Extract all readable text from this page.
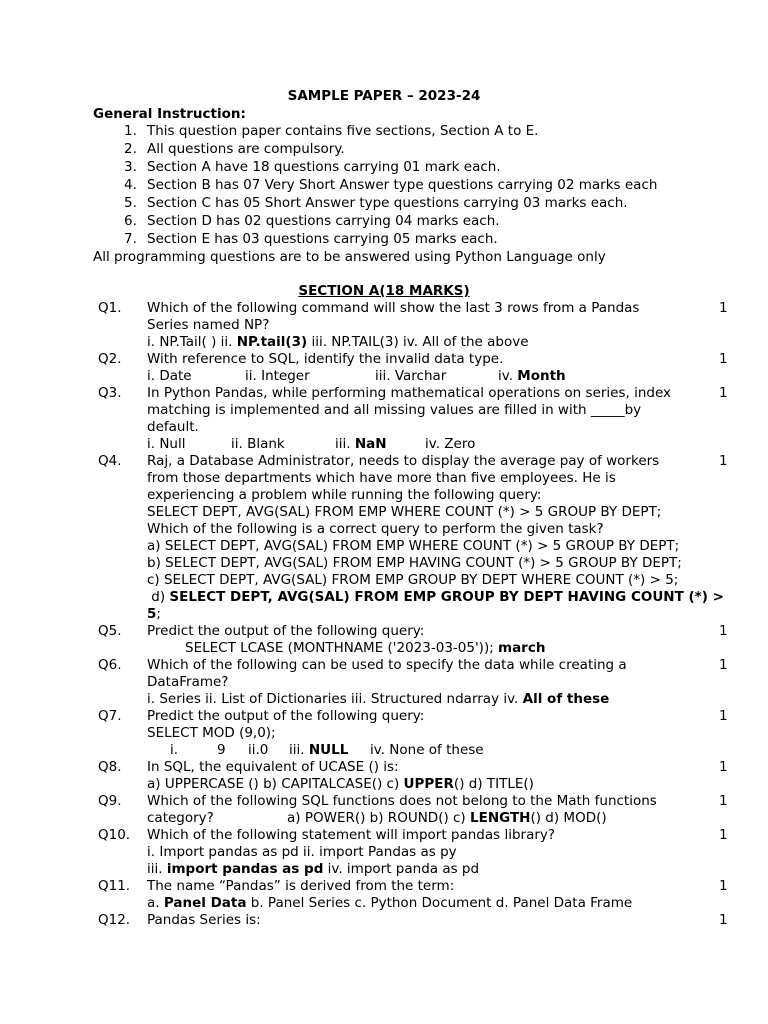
SAMPLE PAPER – 2023-24
General Instruction:
1. This question paper contains five sections, Section A to E.
2. All questions are compulsory.
3. Section A have 18 questions carrying 01 mark each.
4. Section B has 07 Very Short Answer type questions carrying 02 marks each
5. Section C has 05 Short Answer type questions carrying 03 marks each.
6. Section D has 02 questions carrying 04 marks each.
7. Section E has 03 questions carrying 05 marks each.
All programming questions are to be answered using Python Language only
SECTION A(18 MARKS)
Q1.	1
Which of the following command will show the last 3 rows from a Pandas
Series named NP?
i. NP.Tail( ) ii. NP.tail(3) iii. NP.TAIL(3) iv. All of the above
Q2.	1
With reference to SQL, identify the invalid data type.
i. Date	ii. Integer	iii. Varchar	iv. Month
Q3.	1
In Python Pandas, while performing mathematical operations on series, index
matching is implemented and all missing values are filled in with _____by
default.
i. Null	ii. Blank	iii. NaN	iv. Zero
Q4.	1
Raj, a Database Administrator, needs to display the average pay of workers
from those departments which have more than five employees. He is
experiencing a problem while running the following query:
SELECT DEPT, AVG(SAL) FROM EMP WHERE COUNT (*) > 5 GROUP BY DEPT;
Which of the following is a correct query to perform the given task?
a) SELECT DEPT, AVG(SAL) FROM EMP WHERE COUNT (*) > 5 GROUP BY DEPT;
b) SELECT DEPT, AVG(SAL) FROM EMP HAVING COUNT (*) > 5 GROUP BY DEPT;
c) SELECT DEPT, AVG(SAL) FROM EMP GROUP BY DEPT WHERE COUNT (*) > 5;
d) SELECT DEPT, AVG(SAL) FROM EMP GROUP BY DEPT HAVING COUNT (*) >
5;
Q5.	1
Predict the output of the following query:
SELECT LCASE (MONTHNAME ('2023-03-05')); march
Q6.	1
Which of the following can be used to specify the data while creating a
DataFrame?
i. Series ii. List of Dictionaries iii. Structured ndarray iv. All of these
Q7.	1
Predict the output of the following query:
SELECT MOD (9,0);
i.	9 ii.0 iii. NULL iv. None of these
Q8.	1
In SQL, the equivalent of UCASE () is:
a) UPPERCASE () b) CAPITALCASE() c) UPPER() d) TITLE()
Q9.	1
Which of the following SQL functions does not belong to the Math functions
category?	a) POWER() b) ROUND() c) LENGTH() d) MOD()
Q10.	1
Which of the following statement will import pandas library?
i. Import pandas as pd ii. import Pandas as py
iii. import pandas as pd iv. import panda as pd
Q11.	1
The name “Pandas” is derived from the term:
a. Panel Data b. Panel Series c. Python Document d. Panel Data Frame
Q12.	1
Pandas Series is:
